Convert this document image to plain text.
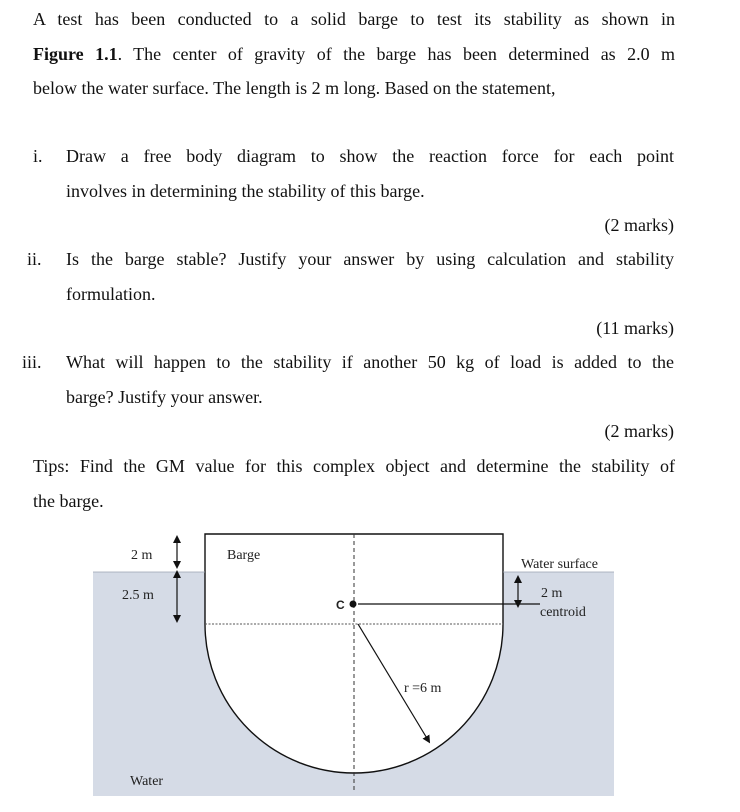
A test has been conducted to a solid barge to test its stability as shown in
Figure 1.1. The center of gravity of the barge has been determined as 2.0 m
below the water surface. The length is 2 m long. Based on the statement,
i. Draw a free body diagram to show the reaction force for each point
involves in determining the stability of this barge.
(2 marks)
ii. Is the barge stable? Justify your answer by using calculation and stability
formulation.
(11 marks)
iii. What will happen to the stability if another 50 kg of load is added to the
barge? Justify your answer.
(2 marks)
Tips: Find the GM value for this complex object and determine the stability of
the barge.
C
r =6 m
2 m
2.5 m	2 m
centroid
Barge
Water surface
Water
